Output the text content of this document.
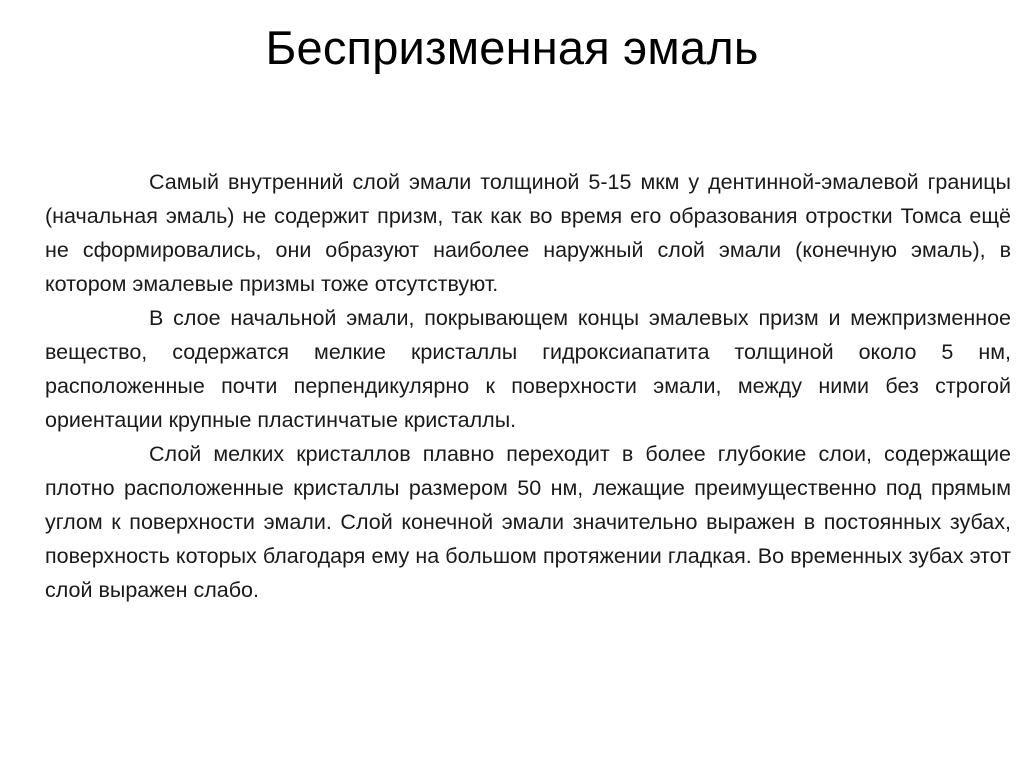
Беспризменная эмаль

Самый внутренний слой эмали толщиной 5-15 мкм у дентинной-эмалевой границы (начальная эмаль) не содержит призм, так как во время его образования отростки Томса ещё не сформировались, они образуют наиболее наружный слой эмали (конечную эмаль), в котором эмалевые призмы тоже отсутствуют.

В слое начальной эмали, покрывающем концы эмалевых призм и межпризменное вещество, содержатся мелкие кристаллы гидроксиапатита толщиной около 5 нм, расположенные почти перпендикулярно к поверхности эмали, между ними без строгой ориентации крупные пластинчатые кристаллы.

Слой мелких кристаллов плавно переходит в более глубокие слои, содержащие плотно расположенные кристаллы размером 50 нм, лежащие преимущественно под прямым углом к поверхности эмали. Слой конечной эмали значительно выражен в постоянных зубах, поверхность которых благодаря ему на большом протяжении гладкая. Во временных зубах этот слой выражен слабо.
